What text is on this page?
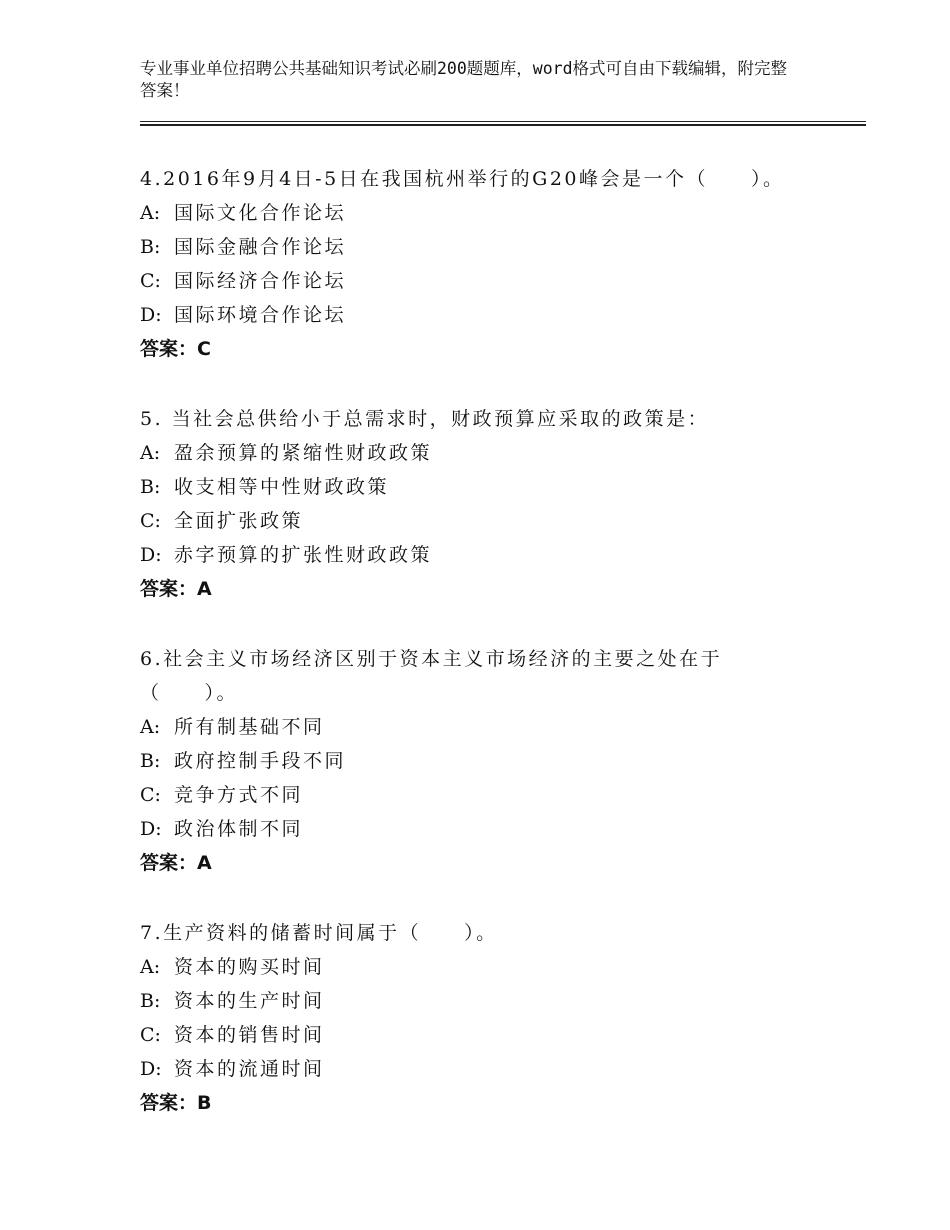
专业事业单位招聘公共基础知识考试必刷200题题库，word格式可自由下载编辑，附完整答案！

4.2016年9月4日-5日在我国杭州举行的G20峰会是一个（　　）。

A: 国际文化合作论坛
B: 国际金融合作论坛
C: 国际经济合作论坛
D: 国际环境合作论坛
答案：C

5. 当社会总供给小于总需求时，财政预算应采取的政策是：

A: 盈余预算的紧缩性财政政策
B: 收支相等中性财政政策
C: 全面扩张政策
D: 赤字预算的扩张性财政政策
答案：A

6.社会主义市场经济区别于资本主义市场经济的主要之处在于（　　）。

A: 所有制基础不同
B: 政府控制手段不同
C: 竞争方式不同
D: 政治体制不同
答案：A

7.生产资料的储蓄时间属于（　　）。

A: 资本的购买时间
B: 资本的生产时间
C: 资本的销售时间
D: 资本的流通时间
答案：B
